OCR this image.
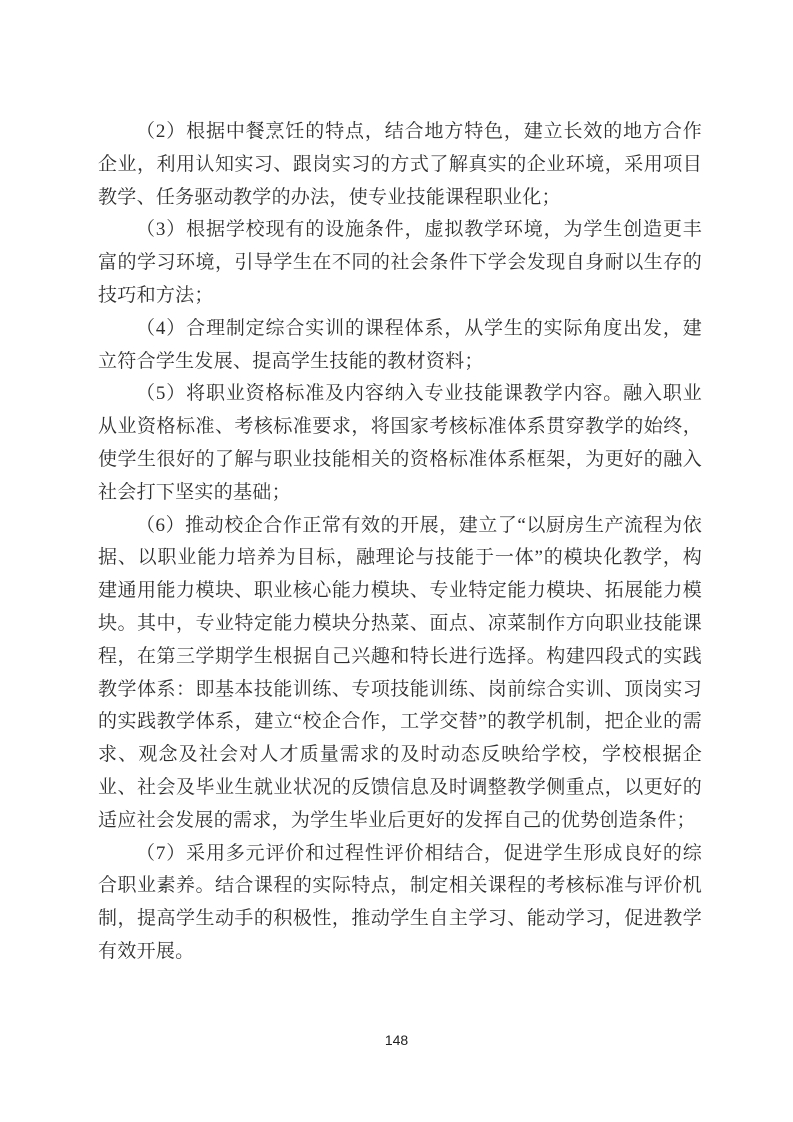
（2）根据中餐烹饪的特点，结合地方特色，建立长效的地方合作企业，利用认知实习、跟岗实习的方式了解真实的企业环境，采用项目教学、任务驱动教学的办法，使专业技能课程职业化；

（3）根据学校现有的设施条件，虚拟教学环境，为学生创造更丰富的学习环境，引导学生在不同的社会条件下学会发现自身耐以生存的技巧和方法；

（4）合理制定综合实训的课程体系，从学生的实际角度出发，建立符合学生发展、提高学生技能的教材资料；

（5）将职业资格标准及内容纳入专业技能课教学内容。融入职业从业资格标准、考核标准要求，将国家考核标准体系贯穿教学的始终，使学生很好的了解与职业技能相关的资格标准体系框架，为更好的融入社会打下坚实的基础；

（6）推动校企合作正常有效的开展，建立了“以厨房生产流程为依据、以职业能力培养为目标，融理论与技能于一体”的模块化教学，构建通用能力模块、职业核心能力模块、专业特定能力模块、拓展能力模块。其中，专业特定能力模块分热菜、面点、凉菜制作方向职业技能课程，在第三学期学生根据自己兴趣和特长进行选择。构建四段式的实践教学体系：即基本技能训练、专项技能训练、岗前综合实训、顶岗实习的实践教学体系，建立“校企合作，工学交替”的教学机制，把企业的需求、观念及社会对人才质量需求的及时动态反映给学校，学校根据企业、社会及毕业生就业状况的反馈信息及时调整教学侧重点，以更好的适应社会发展的需求，为学生毕业后更好的发挥自己的优势创造条件；

（7）采用多元评价和过程性评价相结合，促进学生形成良好的综合职业素养。结合课程的实际特点，制定相关课程的考核标准与评价机制，提高学生动手的积极性，推动学生自主学习、能动学习，促进教学有效开展。

148
